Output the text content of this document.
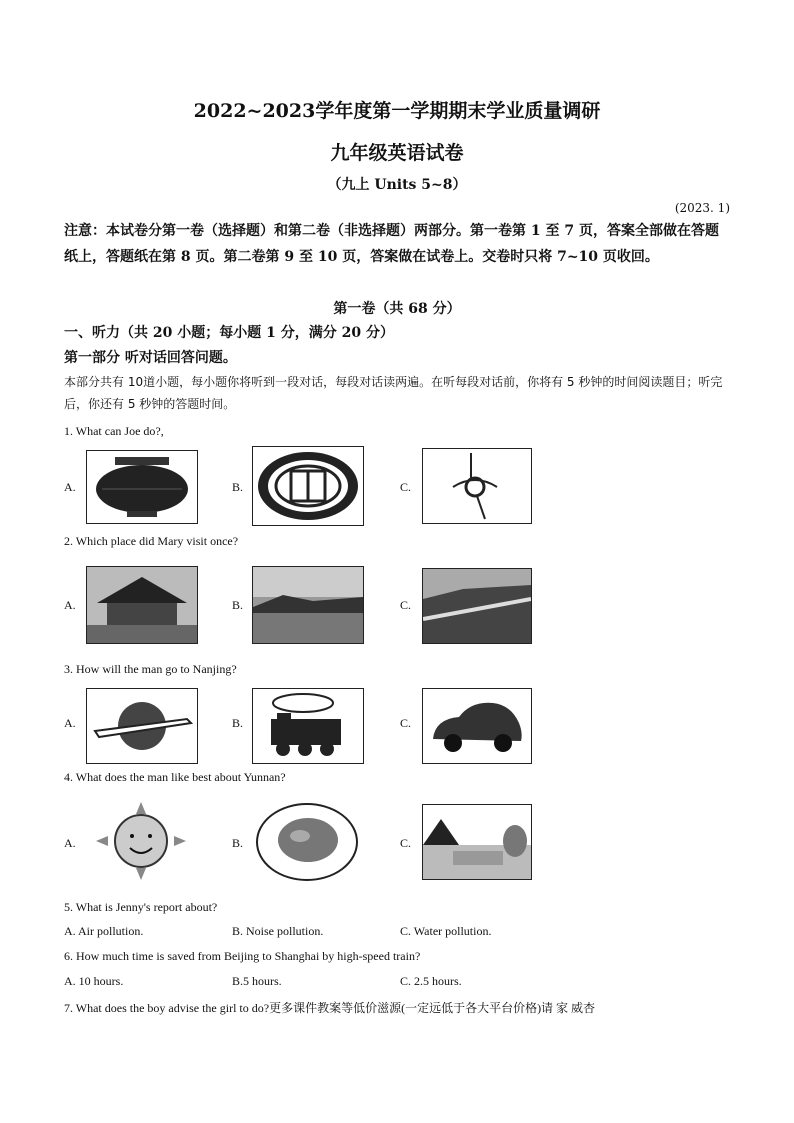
2022~2023学年度第一学期期末学业质量调研
九年级英语试卷
（九上 Units 5~8）
(2023. 1)
注意：本试卷分第一卷（选择题）和第二卷（非选择题）两部分。第一卷第 1 至 7 页，答案全部做在答题纸上，答题纸在第 8 页。第二卷第 9 至 10 页，答案做在试卷上。交卷时只将 7~10 页收回。
第一卷（共 68 分）
一、听力（共 20 小题；每小题 1 分，满分 20 分）
第一部分 听对话回答问题。
本部分共有 10道小题，每小题你将听到一段对话，每段对话读两遍。在听每段对话前，你将有 5 秒钟的时间阅读题目；听完后，你还有 5 秒钟的答题时间。
1. What can Joe do?,
A.	B.	C.
2. Which place did Mary visit once?
A.	B.	C.
3. How will the man go to Nanjing?
A.	B.	C.
4. What does the man like best about Yunnan?
A.	B.	C.
5. What is Jenny's report about?
A. Air pollution.	B. Noise pollution.	C. Water pollution.
6. How much time is saved from Beijing to Shanghai by high-speed train?
A. 10 hours.	B.5 hours.	C. 2.5 hours.
7. What does the boy advise the girl to do?更多课件教案等低价滋源(一定远低于各大平台价格)请 家 威杏
